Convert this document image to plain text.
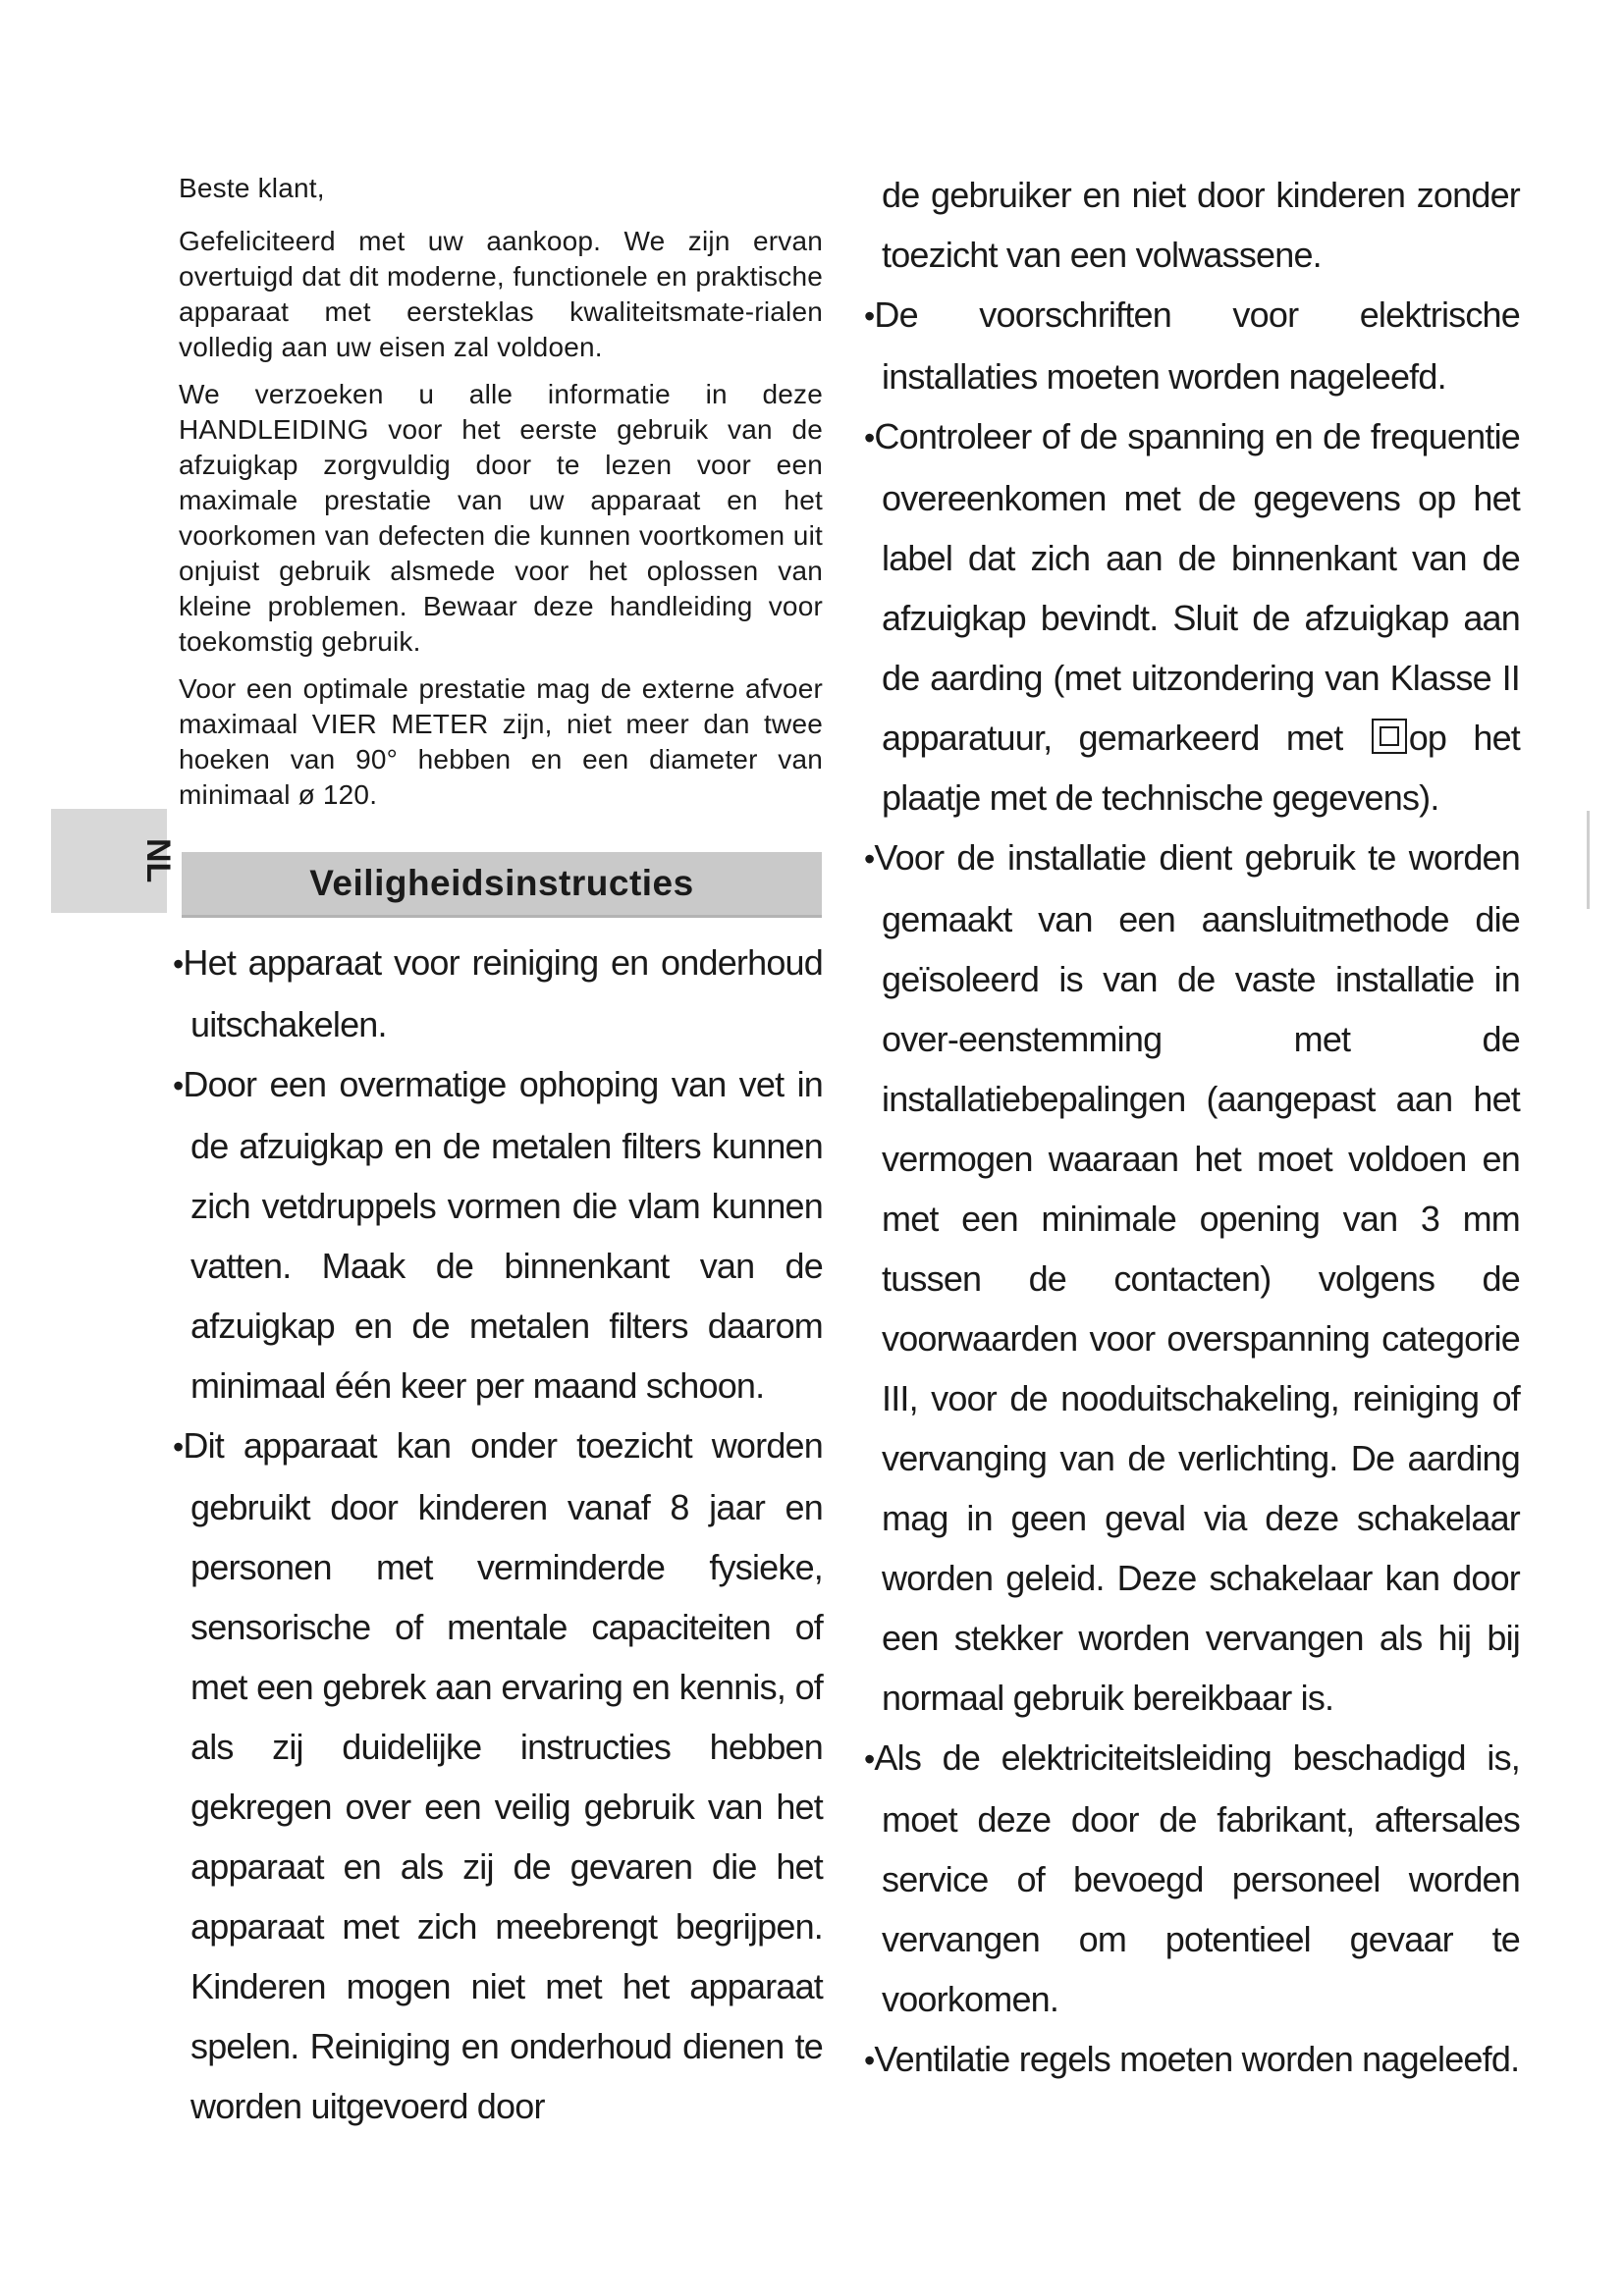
NL

Beste klant,

Gefeliciteerd met uw aankoop. We zijn ervan overtuigd dat dit moderne, functionele en praktische apparaat met eersteklas kwaliteitsmate-rialen volledig aan uw eisen zal voldoen.

We verzoeken u alle informatie in deze HANDLEIDING voor het eerste gebruik van de afzuigkap zorgvuldig door te lezen voor een maximale prestatie van uw apparaat en het voorkomen van defecten die kunnen voortkomen uit onjuist gebruik alsmede voor het oplossen van kleine problemen. Bewaar deze handleiding voor toekomstig gebruik.

Voor een optimale prestatie mag de externe afvoer maximaal VIER METER zijn, niet meer dan twee hoeken van 90° hebben en een diameter van minimaal ø 120.

Veiligheidsinstructies

•Het apparaat voor reiniging en onderhoud uitschakelen.

•Door een overmatige ophoping van vet in de afzuigkap en de metalen filters kunnen zich vetdruppels vormen die vlam kunnen vatten. Maak de binnenkant van de afzuigkap en de metalen filters daarom minimaal één keer per maand schoon.

•Dit apparaat kan onder toezicht worden gebruikt door kinderen vanaf 8 jaar en personen met verminderde fysieke, sensorische of mentale capaciteiten of met een gebrek aan ervaring en kennis, of als zij duidelijke instructies hebben gekregen over een veilig gebruik van het apparaat en als zij de gevaren die het apparaat met zich meebrengt begrijpen. Kinderen mogen niet met het apparaat spelen. Reiniging en onderhoud dienen te worden uitgevoerd door

de gebruiker en niet door kinderen zonder toezicht van een volwassene.

•De voorschriften voor elektrische installaties moeten worden nageleefd.

•Controleer of de spanning en de frequentie overeenkomen met de gegevens op het label dat zich aan de binnenkant van de afzuigkap bevindt. Sluit de afzuigkap aan de aarding (met uitzondering van Klasse II apparatuur, gemarkeerd met op het plaatje met de technische gegevens).

•Voor de installatie dient gebruik te worden gemaakt van een aansluitmethode die geïsoleerd is van de vaste installatie in over-eenstemming met de installatiebepalingen (aangepast aan het vermogen waaraan het moet voldoen en met een minimale opening van 3 mm tussen de contacten) volgens de voorwaarden voor overspanning categorie III, voor de nooduitschakeling, reiniging of vervanging van de verlichting. De aarding mag in geen geval via deze schakelaar worden geleid. Deze schakelaar kan door een stekker worden vervangen als hij bij normaal gebruik bereikbaar is.

•Als de elektriciteitsleiding beschadigd is, moet deze door de fabrikant, aftersales service of bevoegd personeel worden vervangen om potentieel gevaar te voorkomen.

•Ventilatie regels moeten worden nageleefd.
